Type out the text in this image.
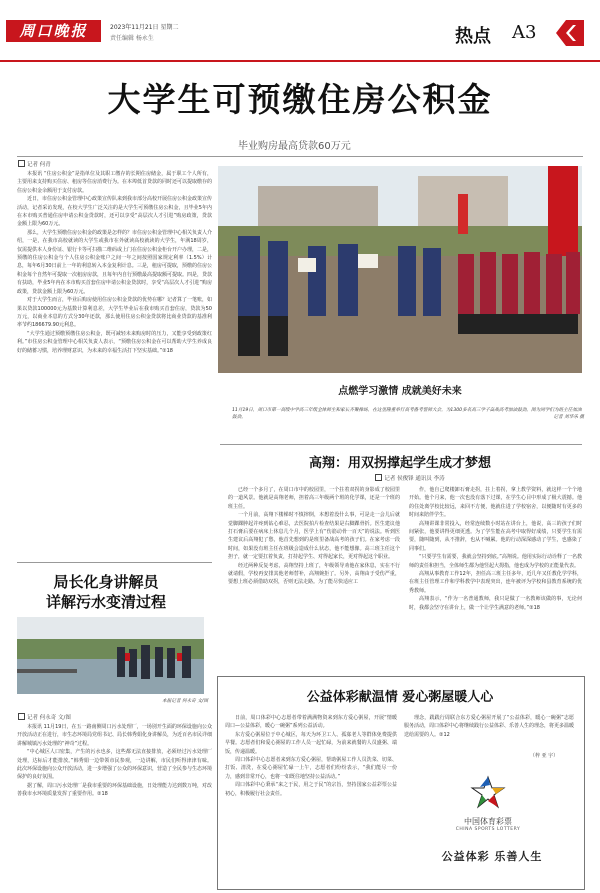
周口晚报	2023年11月21日 星期二
责任编辑 杨永生	热点 A3
大学生可预缴住房公积金
毕业购房最高贷款60万元
记者 何青

本报讯 “住房公积金”是指单位及其职工缴存的长期住房储金，属于职工个人所有，主要用来支持购买住房、租房等住房消费行为。在本埠低首贷款的同时还可以提取缴存的住房公积金余额用于支付房款。

近日，市住房公积金管理中心政策宣传队来到我市部分高校开展住房公积金政策宣传活动，记者采访发现，在校大学生广泛关注的是大学生可预缴住房公积金，且毕业5年内在本市购买普通住房申请公积金贷款时，还可以享受“高层次人才引进”购房政策，贷款金额上限为60万元。

那么，大学生预缴住房公积金的政策是怎样的？市住房公积金管理中心相关负责人介绍，一是，在我市高校就读的大学生或我市在外就读高校就读的大学生，年满18周岁，仅需提供本人身份证、银行卡等可扫描二维码或上门在住房公积金柜台开户办理，二是，预缴的住房公积金与个人住房公积金账户之间一年之间按照国家规定利率（1.5%）计息，每年6月30日前上一年的利息转入本金复利计息。三是，租房可提取，预缴的住房公积金每个自然年可提取一次租房房款，且每年内自行预缴最高提取额可提取。四是，贷款有扶助，毕业5年内在本市购买首套住房申请公积金贷款时，享受“高层次人才引进”购房政策，贷款金额上限为60万元。

对于大学生而言，毕业后购房使用住房公积金贷款的优势在哪？记者算了一笔账，如果以贷款100000元为基数计算利息差，大学生毕业后在我市购买首套住房，贷款为50万元，以商业本息的方式分30年还款，那么使用住房公积金贷款将比商业贷款的基准利率节约186679.90元利息。

“大学生通过预缴预缴住房公积金，既可减轻未来购房时的压力，又能享受到政策红利。”市住房公积金管理中心相关负责人表示，“预缴住房公积金在可以帮助大学生养成良好的储蓄习惯，培养理财意识，为未来的幸福生活打下坚实基础。”②18

点燃学习激情 成就美好未来
11月19日，周口市第一高级中学高三年级全体师生和家长齐聚操场，在这里隆重举行高考备考誓师大会，为1300多名高三学子奋战高考加油鼓劲。图为同学们为班主任加油鼓劲。	记者 刘华乐 摄
高翔：用双拐撑起学生成才梦想
记者 侯俊锋 通讯员 李涛

已经一个多月了，在周口市中的校园里，一个拄着双拐的身影成了校园里的一道风景。他就是高翔老师，担着高三年级两个班的化学课，还是一个班的班主任。

一个月前，高翔下楼梯时不慎摔倒，本想着没什么事，可是走一会儿后就觉脚踝肿起并疼到钻心难忍，去医院拍片检查结果是右脚踝骨折。医生建议他打石膏后要在病床上休息几个月，医学上有“伤筋动骨一百天”的说法。听到医生建议后高翔犯了愁，他首先想到的是班里备战高考的孩子们。在家考虑一段时间，如果没有班主任在班级会造成什么状态，他不能想像。高三班主任这个担子，就一定要扛着负责，打持起学生、对得起家长，更对得起这个职业。

经过两种反复考虑，高翔坚持上班了，年级领导劝他在家休息，实在不行就请假，学校再安排其他老师替补，高翔婉拒了。另外，高翔由于受伤严重，要想上班必须借助双拐，否则无法走路。为了能尽快适应工

作，他自己爬楼卸石膏走拐，拄上着拐，拿上教学资料，就这样一个个地开始。他个月来，他一次也没有落下过课，在学生心目中形成了极大震撼。他的住处离学校比较远，来回不方便，他就住进了学校宿舍，以便随时有更多的时间来陪伴学生。

高翔讲课非常投入，经常连续数小时站在讲台上，他说，高三的孩子们时间紧张，他要讲得更细更透。为了学生能在高考中取得好成绩，只要学生有需要，随叫随到，从不推辞，也从不喊累。他的行动深深感动了学生，也感染了同事们。

“只要学生有需要，我就会坚持到底。”高翔说。他用实际行动诠释了一名教师的责任和担当，全体师生都为他竖起大拇指，他也成为学校的正能量代表。

高翔从事教育工作12年，担任高三班主任多年，近几年又任教化学学科，在班主任管理工作和学科教学中表现突出，连年被评为学校和县教育系统的优秀教师。

高翔表示，“作为一名普通教师，我只是做了一名教师该做的事，无论何时，我都会坚守在讲台上，做一个让学生满意的老师。”②18

局长化身讲解员
详解污水变清过程
本报记者 何永奇 文/图
记者 何永奇 文/图

本报讯 11月19日，在五一路南侧周口污水处理厂，一场别开生面的环保设施向公众开放活动正在进行，市生态环境局党组书记、局长韩秀娟化身讲解员，为近百名市民详细讲解城镇污水处理的“神奇”过程。

“中心城区人口密集，产生的污水也多，这些都无法直接排放，必须经过污水处理厂处理，达标后才能排放。”韩秀娟一边带领市民参观，一边讲解，市民们听得津津有味。此次环保设施向公众开放活动，进一步增强了公众的环保意识，营造了全民参与生态环境保护的良好氛围。

据了解，周口污水处理厂是我市重要的环保基础设施，日处理能力达到数万吨，对改善我市水环境质量发挥了重要作用。②18

公益体彩献温情 爱心粥屋暖人心

日前，周口体彩中心志愿者带着满满物资来到东方爱心粥屋，开展“情暖周口—公益体彩，暖心一碗粥”系列公益活动。

东方爱心粥屋位于中心城区，每天为环卫工人、孤寡老人等群体免费提供早餐。志愿者们和爱心粥屋的工作人员一起忙碌，为前来就餐的人员盛粥、端饭，传递温暖。

周口体彩中心志愿者来到东方爱心粥屋，帮助粥屋工作人员洗菜、切菜、打饭、清洗，在爱心粥屋忙碌一上午，志愿者们纷纷表示，“我们能尽一份力，感到非常开心，也将一如既往地坚持公益活动。”

周口体彩中心秉承“来之于民，用之于民”的宗旨，坚持国家公益彩票公益初心，积极履行社会责任。

理念，践践行周联合东方爱心粥屋开展了“公益体彩，暖心一碗粥”志愿服务活动，周口体彩中心将继续践行公益体彩、乐善人生的理念，将更多温暖送给需要的人。②12

（梓 亚 宇）
中国体育彩票
CHINA SPORTS LOTTERY
公益体彩 乐善人生
